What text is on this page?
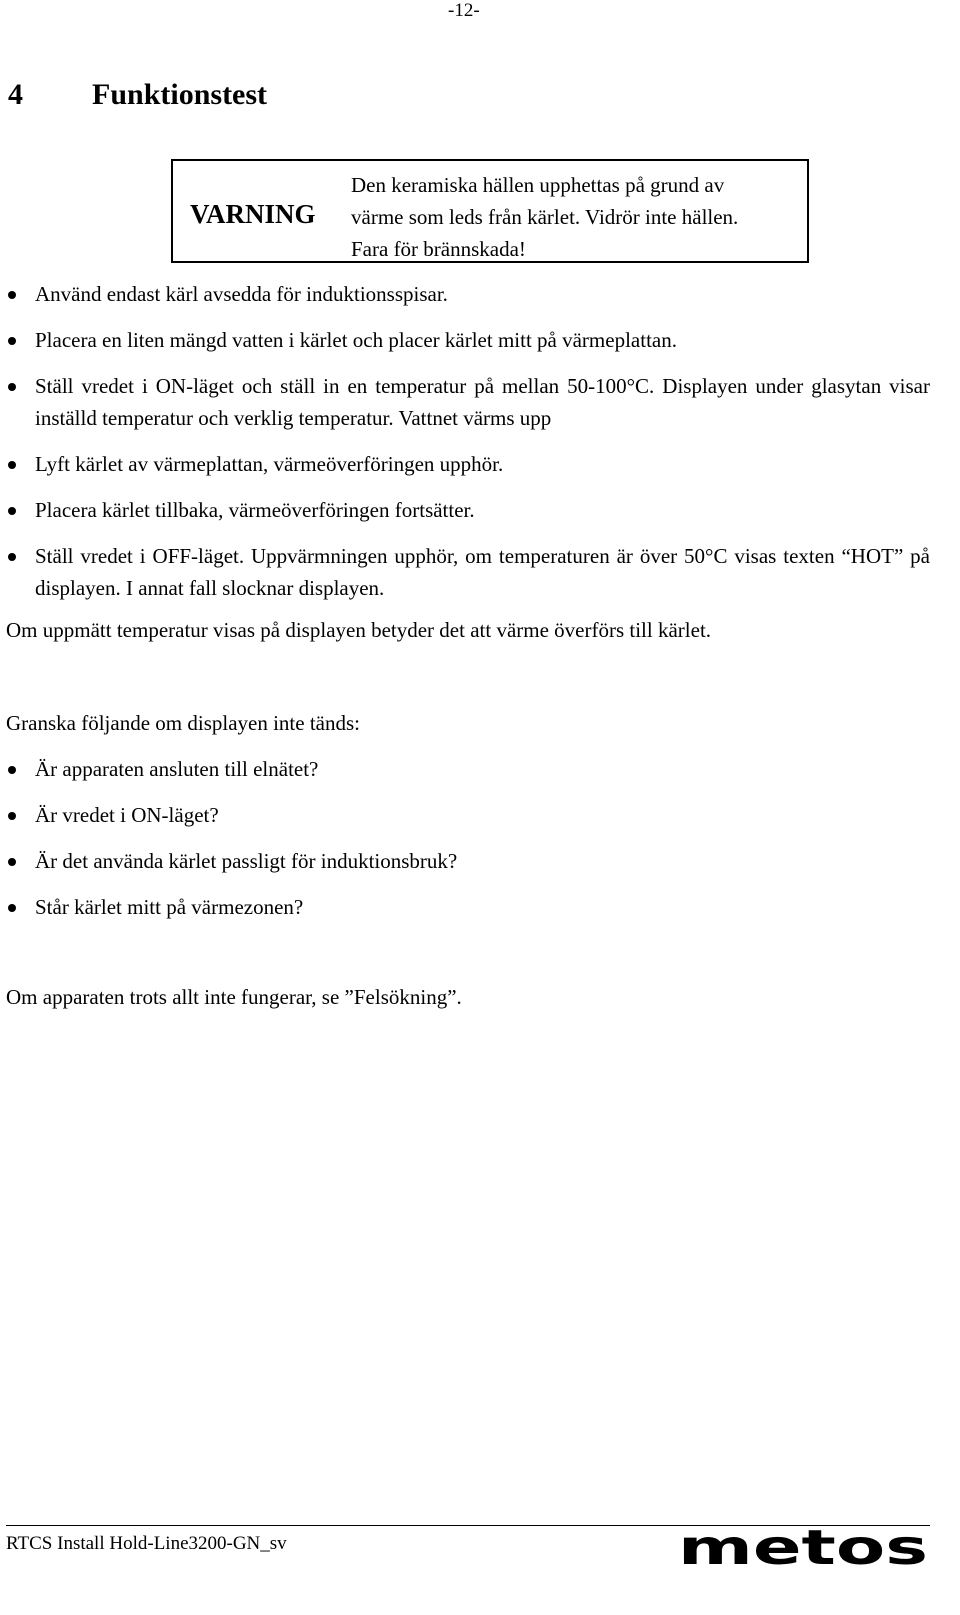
-12-
4 Funktionstest
VARNING
Den keramiska hällen upphettas på grund av
värme som leds från kärlet. Vidrör inte hällen.
Fara för brännskada!
Använd endast kärl avsedda för induktionsspisar.
Placera en liten mängd vatten i kärlet och placer kärlet mitt på värmeplattan.
Ställ vredet i ON-läget och ställ in en temperatur på mellan 50-100°C. Displayen under glasytan visar inställd temperatur och verklig temperatur. Vattnet värms upp
Lyft kärlet av värmeplattan, värmeöverföringen upphör.
Placera kärlet tillbaka, värmeöverföringen fortsätter.
Ställ vredet i OFF-läget. Uppvärmningen upphör, om temperaturen är över 50°C visas texten “HOT” på displayen. I annat fall slocknar displayen.
Om uppmätt temperatur visas på displayen betyder det att värme överförs till kärlet.
Granska följande om displayen inte tänds:
Är apparaten ansluten till elnätet?
Är vredet i ON-läget?
Är det använda kärlet passligt för induktionsbruk?
Står kärlet mitt på värmezonen?
Om apparaten trots allt inte fungerar, se ”Felsökning”.
RTCS Install Hold-Line3200-GN_sv	metos
